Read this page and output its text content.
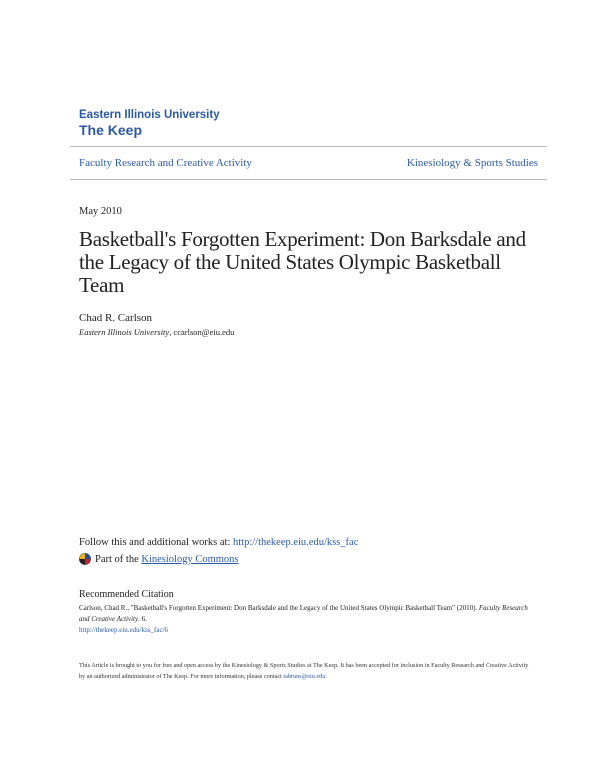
Eastern Illinois University
The Keep
Faculty Research and Creative Activity	Kinesiology & Sports Studies
May 2010
Basketball's Forgotten Experiment: Don Barksdale and the Legacy of the United States Olympic Basketball Team
Chad R. Carlson
Eastern Illinois University, ccarlson@eiu.edu
Follow this and additional works at: http://thekeep.eiu.edu/kss_fac
Part of the
Kinesiology Commons
Recommended Citation
Carlson, Chad R., "Basketball's Forgotten Experiment: Don Barksdale and the Legacy of the United States Olympic Basketball Team" (2010). Faculty Research and Creative Activity. 6.
http://thekeep.eiu.edu/kss_fac/6
This Article is brought to you for free and open access by the Kinesiology & Sports Studies at The Keep. It has been accepted for inclusion in Faculty Research and Creative Activity by an authorized administrator of The Keep. For more information, please contact tabruns@eiu.edu.
